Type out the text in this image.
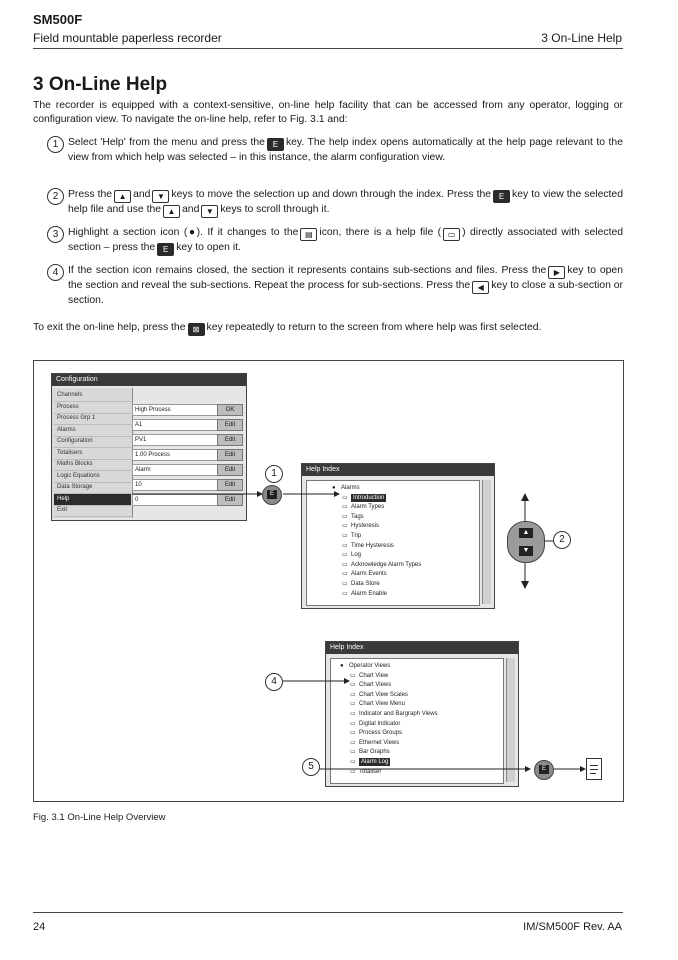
SM500F
Field mountable paperless recorder	3 On-Line Help
3 On-Line Help
The recorder is equipped with a context-sensitive, on-line help facility that can be accessed from any operator, logging or configuration view. To navigate the on-line help, refer to Fig. 3.1 and:
1 Select 'Help' from the menu and press the E key. The help index opens automatically at the help page relevant to the view from which help was selected – in this instance, the alarm configuration view.
2 Press the ▲ and ▼ keys to move the selection up and down through the index. Press the E key to view the selected help file and use the ▲ and ▼ keys to scroll through it.
3 Highlight a section icon (●). If it changes to the ▤ icon, there is a help file ( ▭ ) directly associated with selected section – press the E key to open it.
4 If the section icon remains closed, the section it represents contains sub-sections and files. Press the ▶ key to open the section and reveal the sub-sections. Repeat the process for sub-sections. Press the ◀ key to close a sub-section or section.
To exit the on-line help, press the ⊠ key repeatedly to return to the screen from where help was first selected.
Configuration
Channels
Process
Process Grp 1
Alarms
Configuration
Totalisers
Maths Blocks
Logic Equations
Data Storage
Help
Exit
High Process	OK
A1	Edit
PV1	Edit
1.00 Process	Edit
Alarm	Edit
10	Edit
0	Edit
Help Index
● Alarms
▭ Introduction
▭ Alarm Types
▭ Tags
▭ Hysteresis
▭ Trip
▭ Time Hysteresis
▭ Log
▭ Acknowledge Alarm Types
▭ Alarm Events
▭ Data Store
▭ Alarm Enable
Help Index
● Operator Views
▭ Chart View
▭ Chart Views
▭ Chart View Scales
▭ Chart View Menu
▭ Indicator and Bargraph Views
▭ Digital Indicator
▭ Process Groups
▭ Ethernet Views
▭ Bar Graphs
▭ Alarm Log
▭ Totaliser
▲
▼
E
E
1
2
5
4
Fig. 3.1 On-Line Help Overview
24	IM/SM500F Rev. AA
